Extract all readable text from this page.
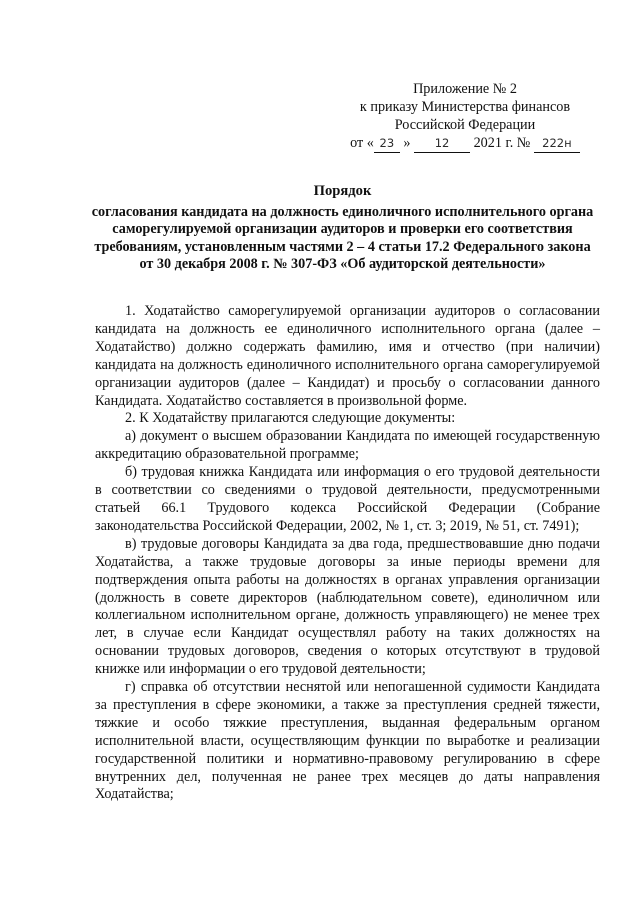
Приложение № 2
к приказу Министерства финансов
Российской Федерации
от « 23 » 12 2021 г. № 222н
Порядок
согласования кандидата на должность единоличного исполнительного органа саморегулируемой организации аудиторов и проверки его соответствия требованиям, установленным частями 2 – 4 статьи 17.2 Федерального закона от 30 декабря 2008 г. № 307-ФЗ «Об аудиторской деятельности»

1. Ходатайство саморегулируемой организации аудиторов о согласовании кандидата на должность ее единоличного исполнительного органа (далее – Ходатайство) должно содержать фамилию, имя и отчество (при наличии) кандидата на должность единоличного исполнительного органа саморегулируемой организации аудиторов (далее – Кандидат) и просьбу о согласовании данного Кандидата. Ходатайство составляется в произвольной форме.

2. К Ходатайству прилагаются следующие документы:

а) документ о высшем образовании Кандидата по имеющей государственную аккредитацию образовательной программе;

б) трудовая книжка Кандидата или информация о его трудовой деятельности в соответствии со сведениями о трудовой деятельности, предусмотренными статьей 66.1 Трудового кодекса Российской Федерации (Собрание законодательства Российской Федерации, 2002, № 1, ст. 3; 2019, № 51, ст. 7491);

в) трудовые договоры Кандидата за два года, предшествовавшие дню подачи Ходатайства, а также трудовые договоры за иные периоды времени для подтверждения опыта работы на должностях в органах управления организации (должность в совете директоров (наблюдательном совете), единоличном или коллегиальном исполнительном органе, должность управляющего) не менее трех лет, в случае если Кандидат осуществлял работу на таких должностях на основании трудовых договоров, сведения о которых отсутствуют в трудовой книжке или информации о его трудовой деятельности;

г) справка об отсутствии неснятой или непогашенной судимости Кандидата за преступления в сфере экономики, а также за преступления средней тяжести, тяжкие и особо тяжкие преступления, выданная федеральным органом исполнительной власти, осуществляющим функции по выработке и реализации государственной политики и нормативно-правовому регулированию в сфере внутренних дел, полученная не ранее трех месяцев до даты направления Ходатайства;
